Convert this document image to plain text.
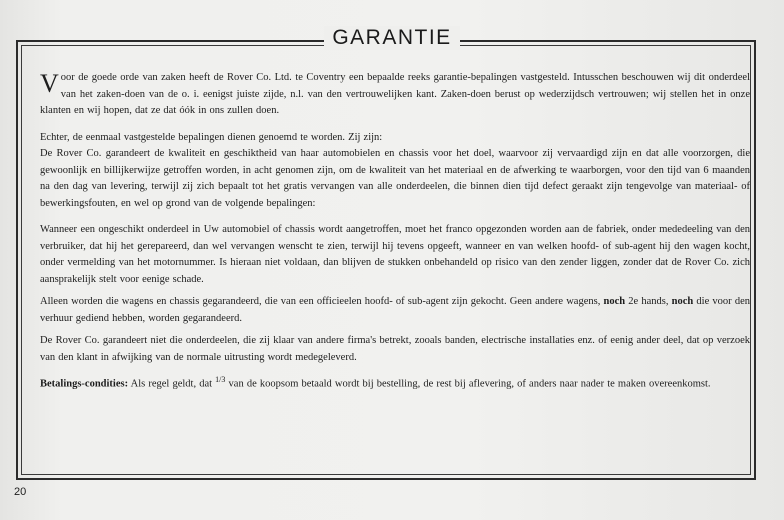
GARANTIE

Voor de goede orde van zaken heeft de Rover Co. Ltd. te Coventry een bepaalde reeks garantie-bepalingen vastgesteld. Intusschen beschouwen wij dit onderdeel van het zaken-doen van de o. i. eenigst juiste zijde, n.l. van den vertrouwelijken kant. Zaken-doen berust op wederzijdsch vertrouwen; wij stellen het in onze klanten en wij hopen, dat ze dat óók in ons zullen doen.

Echter, de eenmaal vastgestelde bepalingen dienen genoemd te worden. Zij zijn:

De Rover Co. garandeert de kwaliteit en geschiktheid van haar automobielen en chassis voor het doel, waarvoor zij vervaardigd zijn en dat alle voorzorgen, die gewoonlijk en billijkerwijze getroffen worden, in acht genomen zijn, om de kwaliteit van het materiaal en de afwerking te waarborgen, voor den tijd van 6 maanden na den dag van levering, terwijl zij zich bepaalt tot het gratis vervangen van alle onderdeelen, die binnen dien tijd defect geraakt zijn tengevolge van materiaal- of bewerkingsfouten, en wel op grond van de volgende bepalingen:

Wanneer een ongeschikt onderdeel in Uw automobiel of chassis wordt aangetroffen, moet het franco opgezonden worden aan de fabriek, onder mededeeling van den verbruiker, dat hij het gerepareerd, dan wel vervangen wenscht te zien, terwijl hij tevens opgeeft, wanneer en van welken hoofd- of sub-agent hij den wagen kocht, onder vermelding van het motornummer. Is hieraan niet voldaan, dan blijven de stukken onbehandeld op risico van den zender liggen, zonder dat de Rover Co. zich aansprakelijk stelt voor eenige schade.

Alleen worden die wagens en chassis gegarandeerd, die van een officieelen hoofd- of sub-agent zijn gekocht. Geen andere wagens, noch 2e hands, noch die voor den verhuur gediend hebben, worden gegarandeerd.

De Rover Co. garandeert niet die onderdeelen, die zij klaar van andere firma's betrekt, zooals banden, electrische installaties enz. of eenig ander deel, dat op verzoek van den klant in afwijking van de normale uitrusting wordt medegeleverd.

Betalings-condities: Als regel geldt, dat $^{1/3}$ van de koopsom betaald wordt bij bestelling, de rest bij aflevering, of anders naar nader te maken overeenkomst.

20
